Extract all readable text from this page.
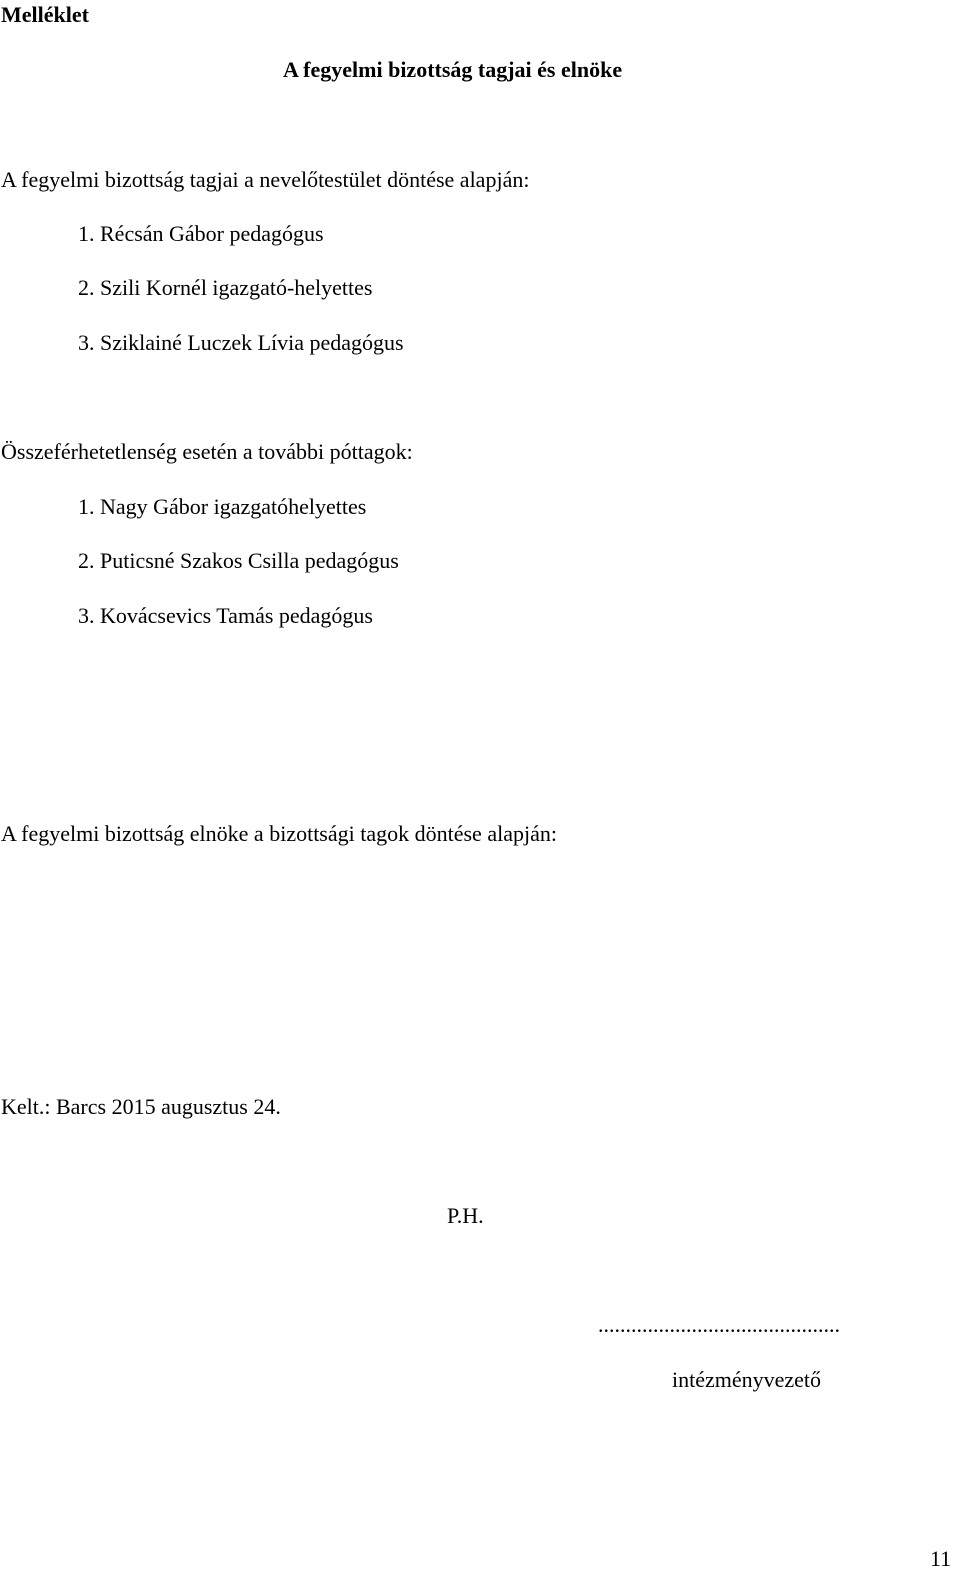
Melléklet
A fegyelmi bizottság tagjai és elnöke
A fegyelmi bizottság tagjai a nevelőtestület döntése alapján:
1. Récsán Gábor pedagógus
2. Szili Kornél igazgató-helyettes
3. Sziklainé Luczek Lívia pedagógus
Összeférhetetlenség esetén a további póttagok:
1. Nagy Gábor igazgatóhelyettes
2. Puticsné Szakos Csilla pedagógus
3. Kovácsevics Tamás pedagógus
A fegyelmi bizottság elnöke a bizottsági tagok döntése alapján:
Kelt.: Barcs 2015 augusztus 24.
P.H.
............................................
intézményvezető
11
